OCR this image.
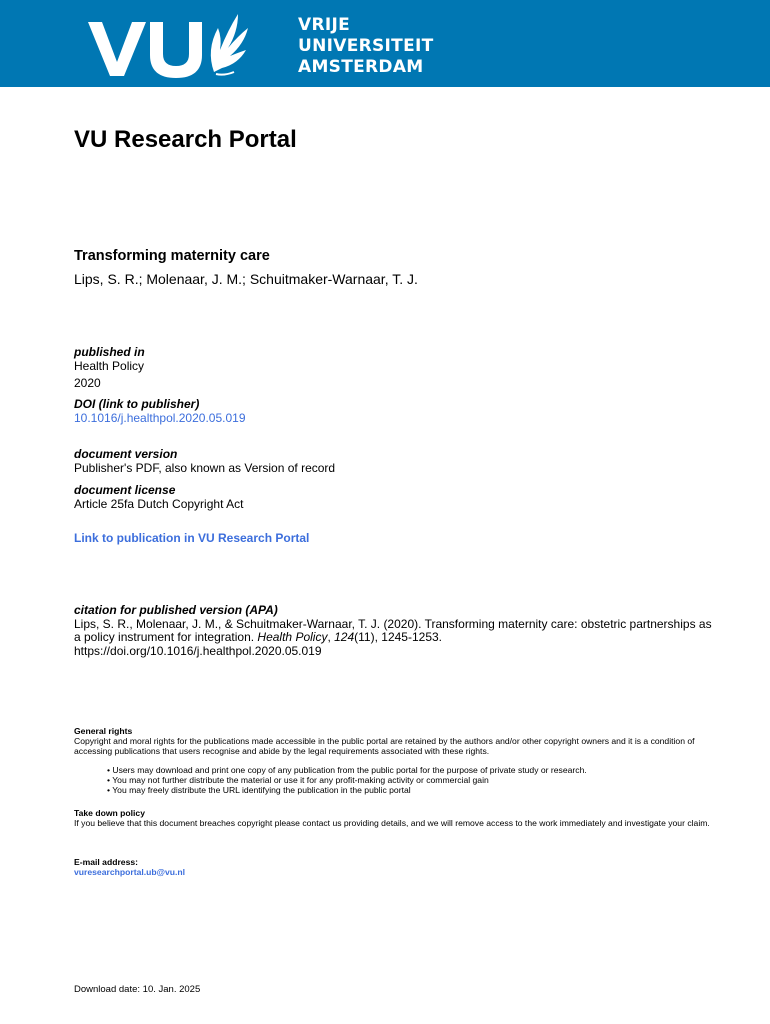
VRIJE
UNIVERSITEIT
AMSTERDAM
VU Research Portal
Transforming maternity care
Lips, S. R.; Molenaar, J. M.; Schuitmaker-Warnaar, T. J.
published in
Health Policy
2020
DOI (link to publisher)
10.1016/j.healthpol.2020.05.019
document version
Publisher's PDF, also known as Version of record
document license
Article 25fa Dutch Copyright Act
Link to publication in VU Research Portal
citation for published version (APA)
Lips, S. R., Molenaar, J. M., & Schuitmaker-Warnaar, T. J. (2020). Transforming maternity care: obstetric partnerships as a policy instrument for integration. Health Policy, 124(11), 1245-1253.
https://doi.org/10.1016/j.healthpol.2020.05.019
General rights
Copyright and moral rights for the publications made accessible in the public portal are retained by the authors and/or other copyright owners and it is a condition of accessing publications that users recognise and abide by the legal requirements associated with these rights.
• Users may download and print one copy of any publication from the public portal for the purpose of private study or research.
• You may not further distribute the material or use it for any profit-making activity or commercial gain
• You may freely distribute the URL identifying the publication in the public portal
Take down policy
If you believe that this document breaches copyright please contact us providing details, and we will remove access to the work immediately and investigate your claim.
E-mail address:
vuresearchportal.ub@vu.nl
Download date: 10. Jan. 2025
